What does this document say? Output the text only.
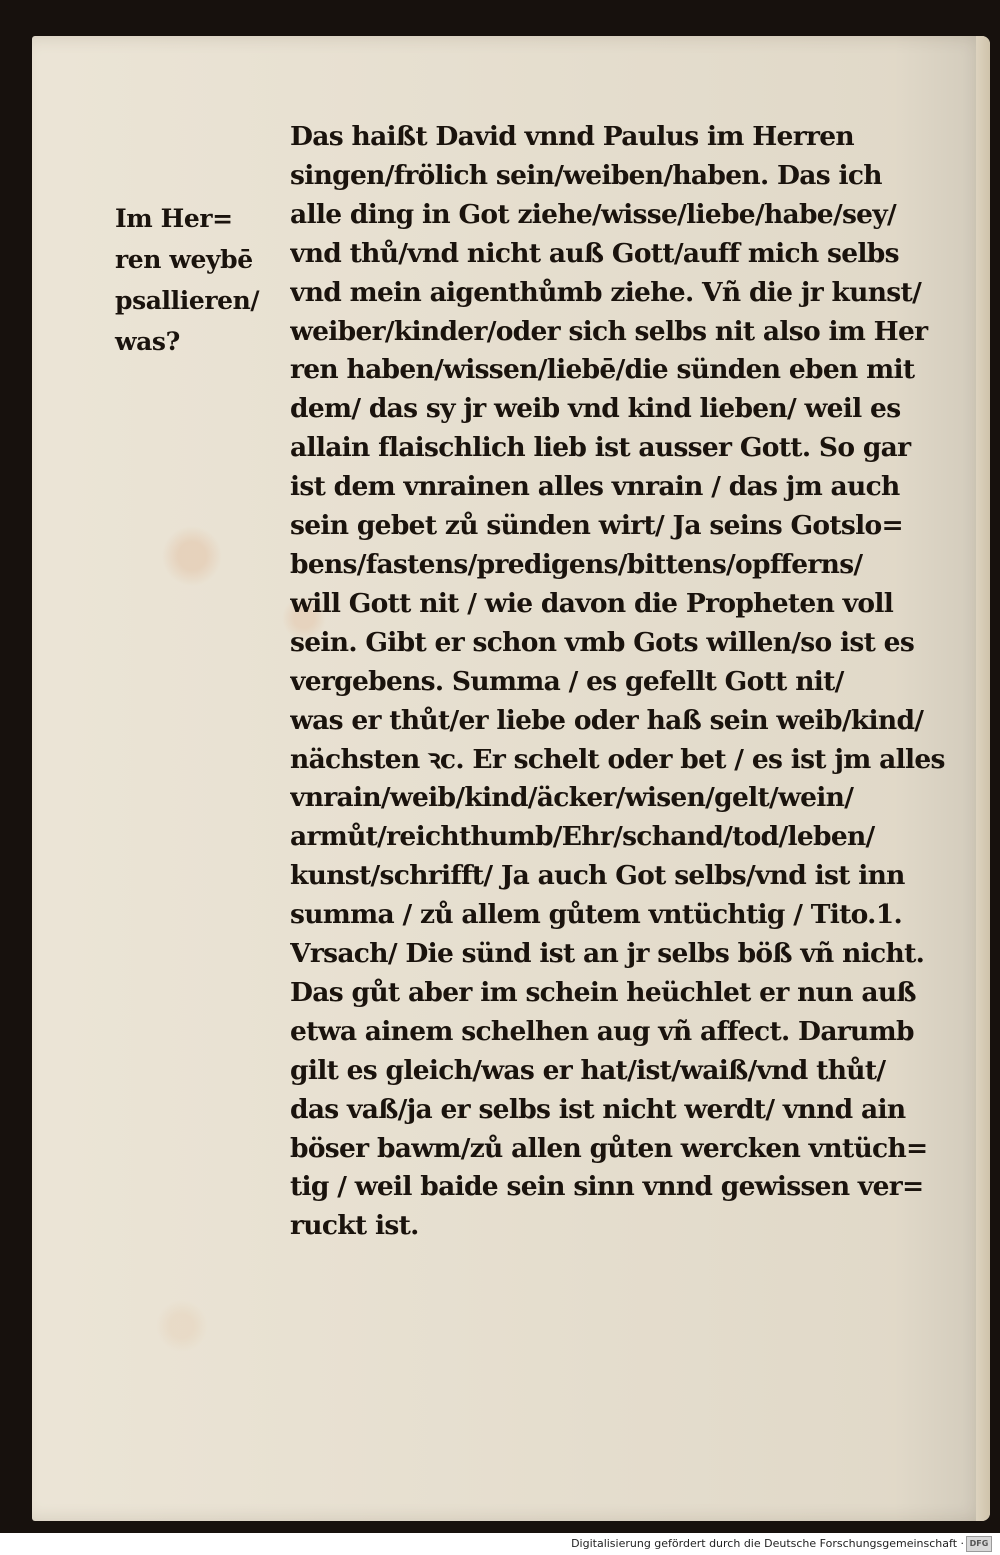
Im Her=
ren weybē
psallieren/
was?
Das haißt David vnnd Paulus im Herren
singen/frölich sein/weiben/haben. Das ich
alle ding in Got ziehe/wisse/liebe/habe/sey/
vnd thů/vnd nicht auß Gott/auff mich selbs
vnd mein aigenthůmb ziehe. Vñ die jr kunst/
weiber/kinder/oder sich selbs nit also im Her
ren haben/wissen/liebē/die sünden eben mit
dem/ das sy jr weib vnd kind lieben/ weil es
allain flaischlich lieb ist ausser Gott. So gar
ist dem vnrainen alles vnrain / das jm auch
sein gebet zů sünden wirt/ Ja seins Gotslo=
bens/fastens/predigens/bittens/opfferns/
will Gott nit / wie davon die Propheten voll
sein. Gibt er schon vmb Gots willen/so ist es
vergebens. Summa / es gefellt Gott nit/
was er thůt/er liebe oder haß sein weib/kind/
nächsten ꝛc. Er schelt oder bet / es ist jm alles
vnrain/weib/kind/äcker/wisen/gelt/wein/
armůt/reichthumb/Ehr/schand/tod/leben/
kunst/schrifft/ Ja auch Got selbs/vnd ist inn
summa / zů allem gůtem vntüchtig / Tito.1.
Vrsach/ Die sünd ist an jr selbs böß vñ nicht.
Das gůt aber im schein heüchlet er nun auß
etwa ainem schelhen aug vñ affect. Darumb
gilt es gleich/was er hat/ist/waiß/vnd thůt/
das vaß/ja er selbs ist nicht werdt/ vnnd ain
böser bawm/zů allen gůten wercken vntüch=
tig / weil baide sein sinn vnnd gewissen ver=
ruckt ist.
Digitalisierung gefördert durch die Deutsche Forschungsgemeinschaft · DFG
